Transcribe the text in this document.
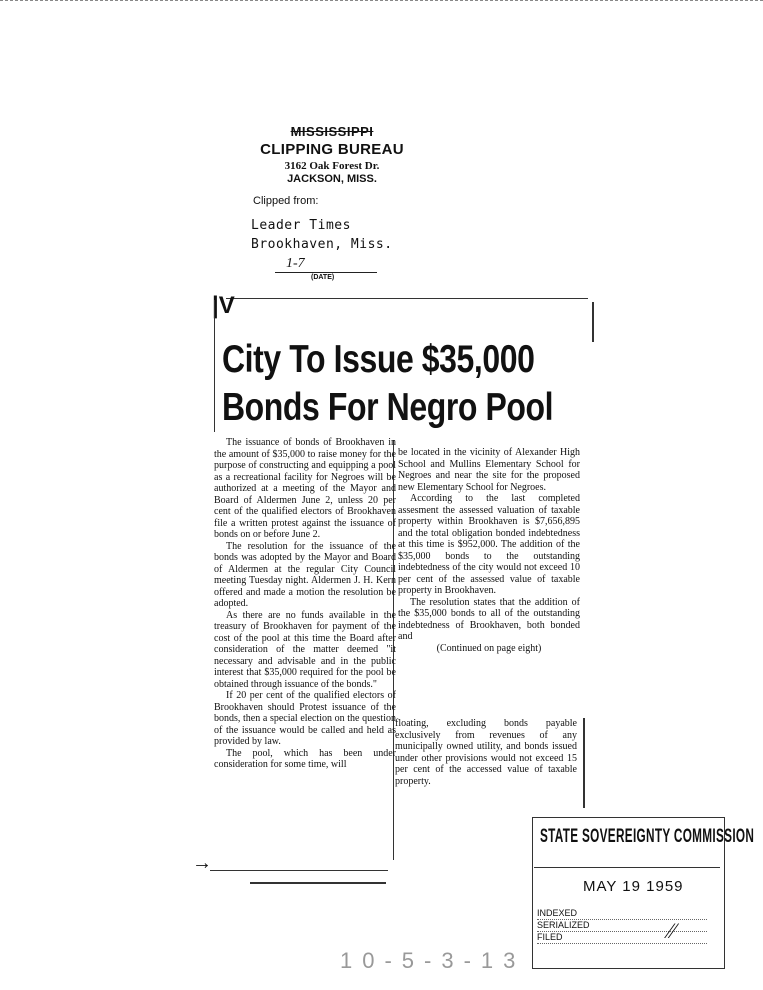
MISSISSIPPI
CLIPPING BUREAU
3162 Oak Forest Dr.
JACKSON, MISS.
Clipped from:
Leader Times
Brookhaven, Miss.
1-7
(DATE)
|V
→
City To Issue $35,000
Bonds For Negro Pool

The issuance of bonds of Brookhaven in the amount of $35,000 to raise money for the purpose of constructing and equipping a pool as a recreational facility for Negroes will be authorized at a meeting of the Mayor and Board of Aldermen June 2, unless 20 per cent of the qualified electors of Brookhaven file a written protest against the issuance of bonds on or before June 2.

The resolution for the issuance of the bonds was adopted by the Mayor and Board of Aldermen at the regular City Council meeting Tuesday night. Aldermen J. H. Kern offered and made a motion the resolution be adopted.

As there are no funds available in the treasury of Brookhaven for payment of the cost of the pool at this time the Board after consideration of the matter deemed "it necessary and advisable and in the public interest that $35,000 required for the pool be obtained through issuance of the bonds."

If 20 per cent of the qualified electors of Brookhaven should Protest issuance of the bonds, then a special election on the question of the issuance would be called and held as provided by law.

The pool, which has been under consideration for some time, will

be located in the vicinity of Alexander High School and Mullins Elementary School for Negroes and near the site for the proposed new Elementary School for Negroes.

According to the last completed assesment the assessed valuation of taxable property within Brookhaven is $7,656,895 and the total obligation bonded indebtedness at this time is $952,000. The addition of the $35,000 bonds to the outstanding indebtedness of the city would not exceed 10 per cent of the assessed value of taxable property in Brookhaven.

The resolution states that the addition of the $35,000 bonds to all of the outstanding indebtedness of Brookhaven, both bonded and

(Continued on page eight)

floating, excluding bonds payable exclusively from revenues of any municipally owned utility, and bonds issued under other provisions would not exceed 15 per cent of the accessed value of taxable property.

STATE SOVEREIGNTY COMMISSION
MAY 19 1959
INDEXED
SERIALIZED
FILED	⁄⁄
10-5-3-13
